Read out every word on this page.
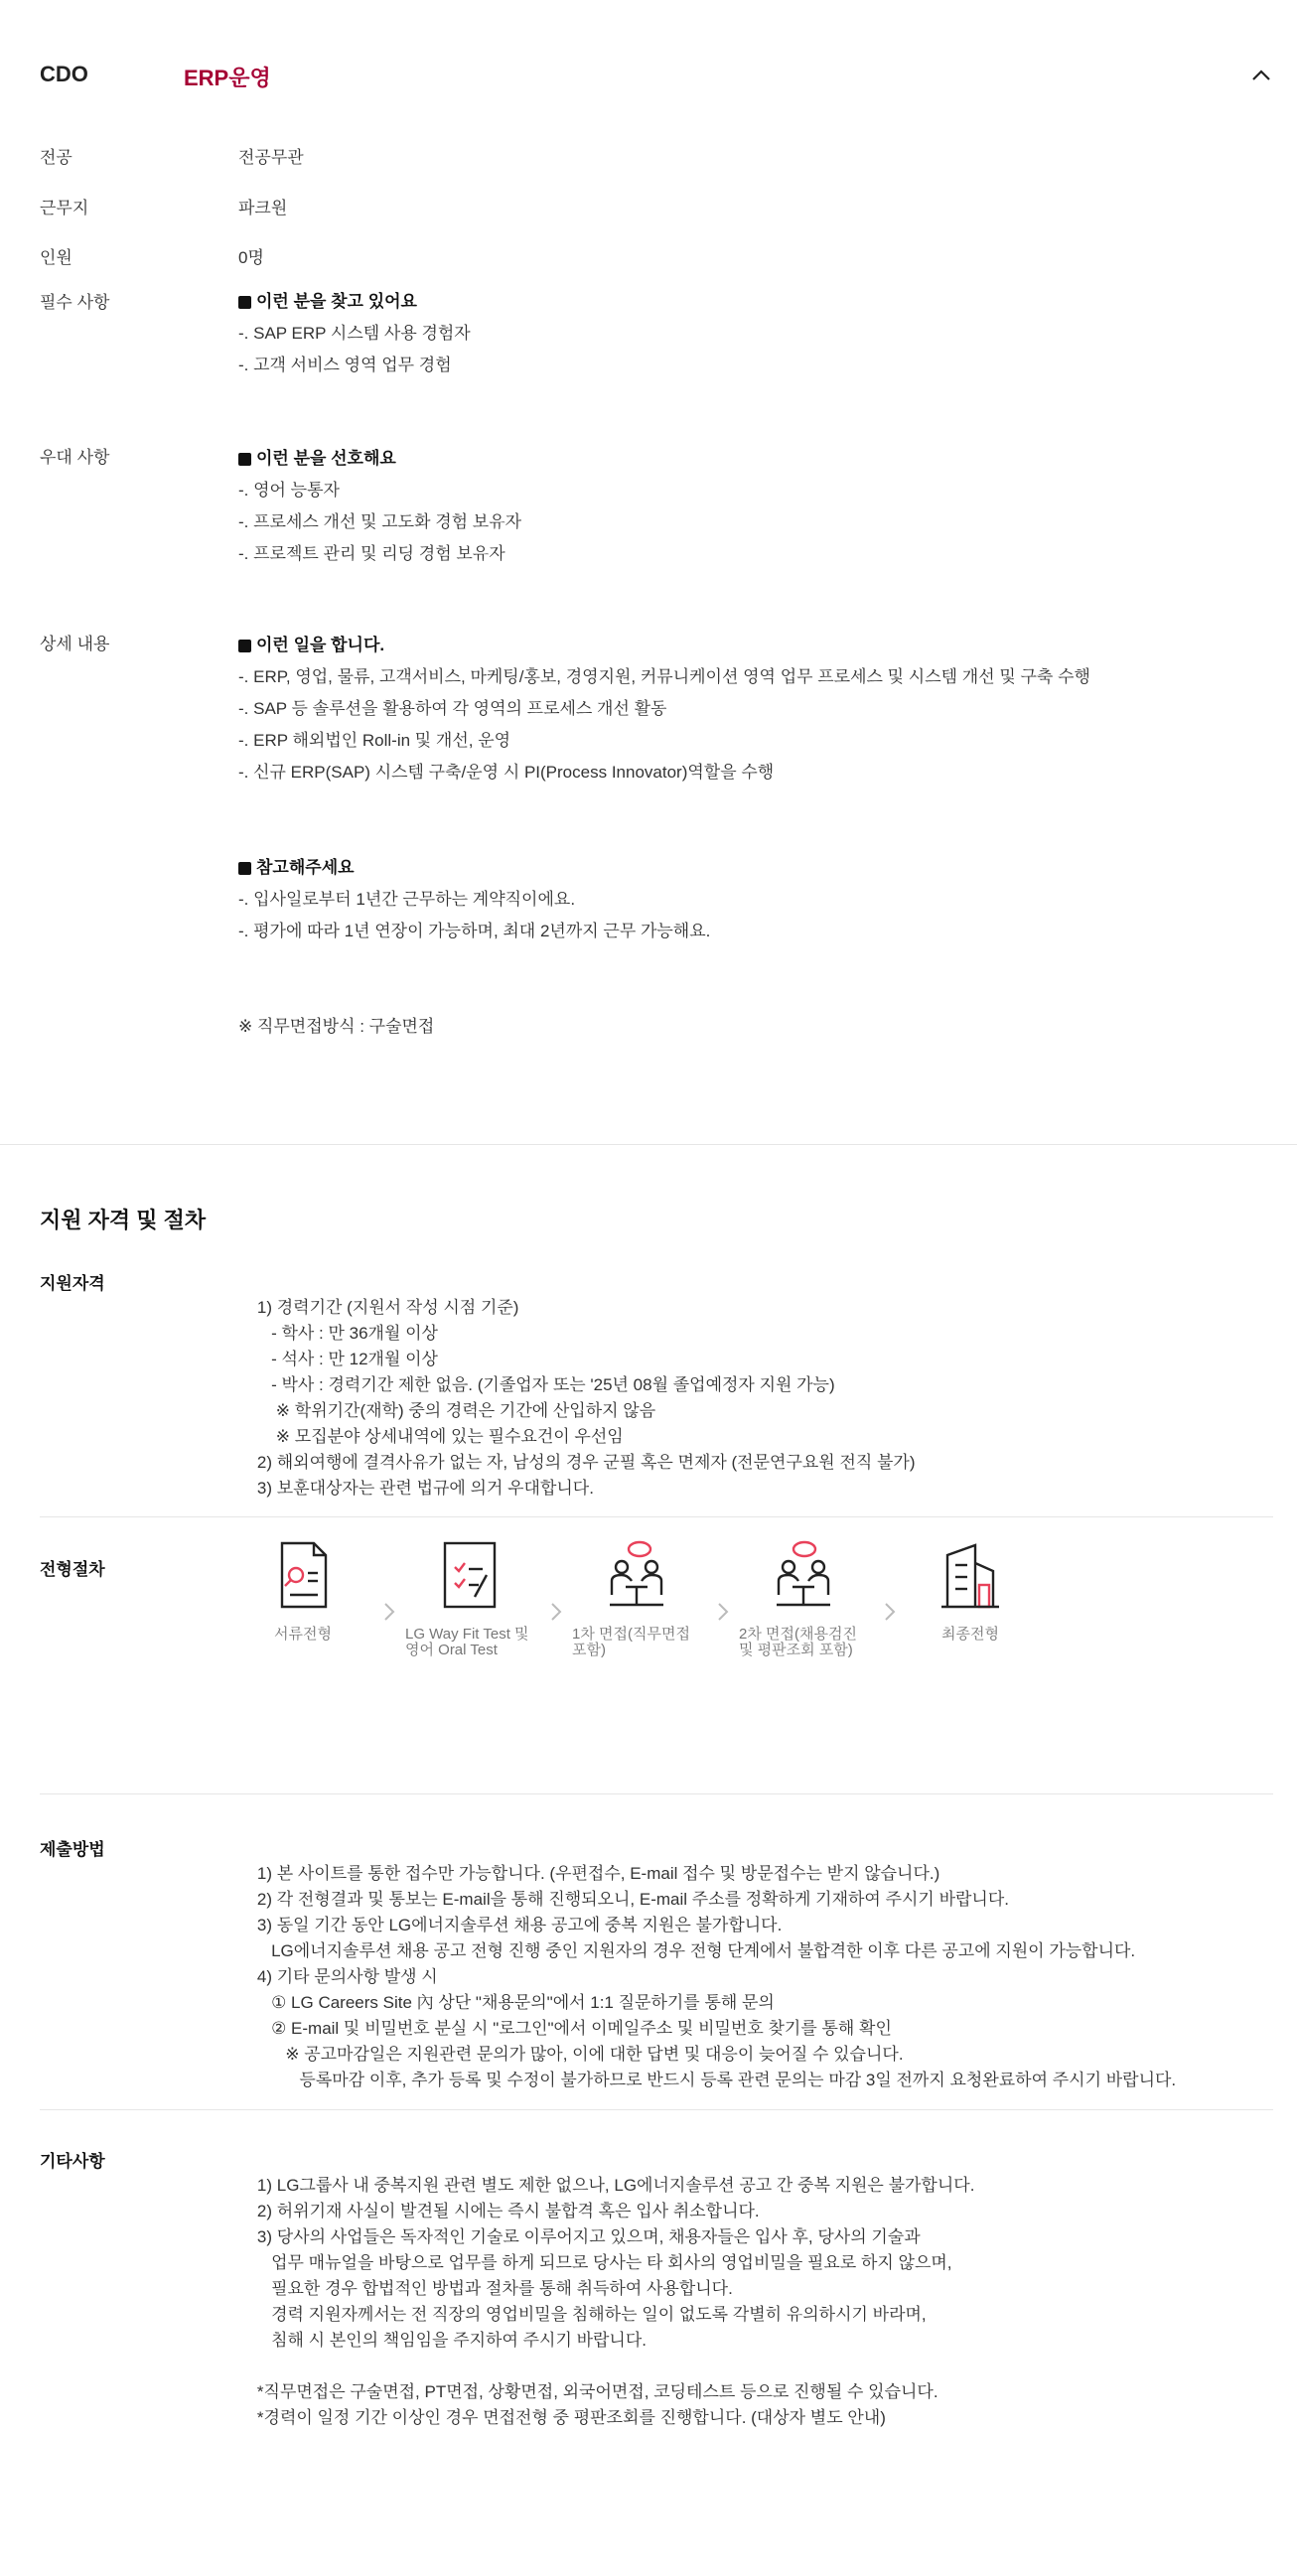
CDO	ERP운영
전공	전공무관
근무지	파크원
인원	0명
필수 사항	이런 분을 찾고 있어요
-. SAP ERP 시스템 사용 경험자
-. 고객 서비스 영역 업무 경험
우대 사항	이런 분을 선호해요
-. 영어 능통자
-. 프로세스 개선 및 고도화 경험 보유자
-. 프로젝트 관리 및 리딩 경험 보유자
상세 내용	이런 일을 합니다.
-. ERP, 영업, 물류, 고객서비스, 마케팅/홍보, 경영지원, 커뮤니케이션 영역 업무 프로세스 및 시스템 개선 및 구축 수행
-. SAP 등 솔루션을 활용하여 각 영역의 프로세스 개선 활동
-. ERP 해외법인 Roll-in 및 개선, 운영
-. 신규 ERP(SAP) 시스템 구축/운영 시 PI(Process Innovator)역할을 수행
참고해주세요
-. 입사일로부터 1년간 근무하는 계약직이에요.
-. 평가에 따라 1년 연장이 가능하며, 최대 2년까지 근무 가능해요.
※ 직무면접방식 : 구술면접
지원 자격 및 절차
지원자격

1) 경력기간 (지원서 작성 시점 기준)
- 학사 : 만 36개월 이상
- 석사 : 만 12개월 이상
- 박사 : 경력기간 제한 없음. (기졸업자 또는 '25년 08월 졸업예정자 지원 가능)
※ 학위기간(재학) 중의 경력은 기간에 산입하지 않음
※ 모집분야 상세내역에 있는 필수요건이 우선임
2) 해외여행에 결격사유가 없는 자, 남성의 경우 군필 혹은 면제자 (전문연구요원 전직 불가)
3) 보훈대상자는 관련 법규에 의거 우대합니다.

전형절차
서류전형	LG Way Fit Test 및 영어 Oral Test
1차 면접(직무면접 포함)
2차 면접(채용검진 및 평판조회 포함)
최종전형
제출방법

1) 본 사이트를 통한 접수만 가능합니다. (우편접수, E-mail 접수 및 방문접수는 받지 않습니다.)
2) 각 전형결과 및 통보는 E-mail을 통해 진행되오니, E-mail 주소를 정확하게 기재하여 주시기 바랍니다.
3) 동일 기간 동안 LG에너지솔루션 채용 공고에 중복 지원은 불가합니다.
LG에너지솔루션 채용 공고 전형 진행 중인 지원자의 경우 전형 단계에서 불합격한 이후 다른 공고에 지원이 가능합니다.
4) 기타 문의사항 발생 시
① LG Careers Site 內 상단 "채용문의"에서 1:1 질문하기를 통해 문의
② E-mail 및 비밀번호 분실 시 "로그인"에서 이메일주소 및 비밀번호 찾기를 통해 확인
※ 공고마감일은 지원관련 문의가 많아, 이에 대한 답변 및 대응이 늦어질 수 있습니다.
등록마감 이후, 추가 등록 및 수정이 불가하므로 반드시 등록 관련 문의는 마감 3일 전까지 요청완료하여 주시기 바랍니다.

기타사항

1) LG그룹사 내 중복지원 관련 별도 제한 없으나, LG에너지솔루션 공고 간 중복 지원은 불가합니다.
2) 허위기재 사실이 발견될 시에는 즉시 불합격 혹은 입사 취소합니다.
3) 당사의 사업들은 독자적인 기술로 이루어지고 있으며, 채용자들은 입사 후, 당사의 기술과
업무 매뉴얼을 바탕으로 업무를 하게 되므로 당사는 타 회사의 영업비밀을 필요로 하지 않으며,
필요한 경우 합법적인 방법과 절차를 통해 취득하여 사용합니다.
경력 지원자께서는 전 직장의 영업비밀을 침해하는 일이 없도록 각별히 유의하시기 바라며,
침해 시 본인의 책임임을 주지하여 주시기 바랍니다.

*직무면접은 구술면접, PT면접, 상황면접, 외국어면접, 코딩테스트 등으로 진행될 수 있습니다.
*경력이 일정 기간 이상인 경우 면접전형 중 평판조회를 진행합니다. (대상자 별도 안내)
